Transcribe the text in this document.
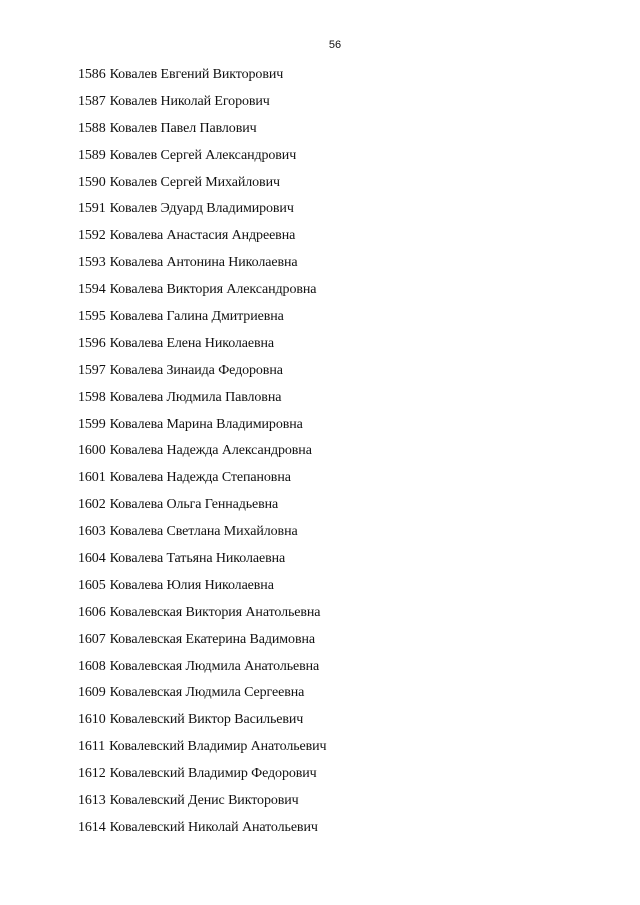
56
1586 Ковалев Евгений Викторович
1587 Ковалев Николай Егорович
1588 Ковалев Павел Павлович
1589 Ковалев Сергей Александрович
1590 Ковалев Сергей Михайлович
1591 Ковалев Эдуард Владимирович
1592 Ковалева Анастасия Андреевна
1593 Ковалева Антонина Николаевна
1594 Ковалева Виктория Александровна
1595 Ковалева Галина Дмитриевна
1596 Ковалева Елена Николаевна
1597 Ковалева Зинаида Федоровна
1598 Ковалева Людмила Павловна
1599 Ковалева Марина Владимировна
1600 Ковалева Надежда Александровна
1601 Ковалева Надежда Степановна
1602 Ковалева Ольга Геннадьевна
1603 Ковалева Светлана Михайловна
1604 Ковалева Татьяна Николаевна
1605 Ковалева Юлия Николаевна
1606 Ковалевская Виктория Анатольевна
1607 Ковалевская Екатерина Вадимовна
1608 Ковалевская Людмила Анатольевна
1609 Ковалевская Людмила Сергеевна
1610 Ковалевский Виктор Васильевич
1611 Ковалевский Владимир Анатольевич
1612 Ковалевский Владимир Федорович
1613 Ковалевский Денис Викторович
1614 Ковалевский Николай Анатольевич
